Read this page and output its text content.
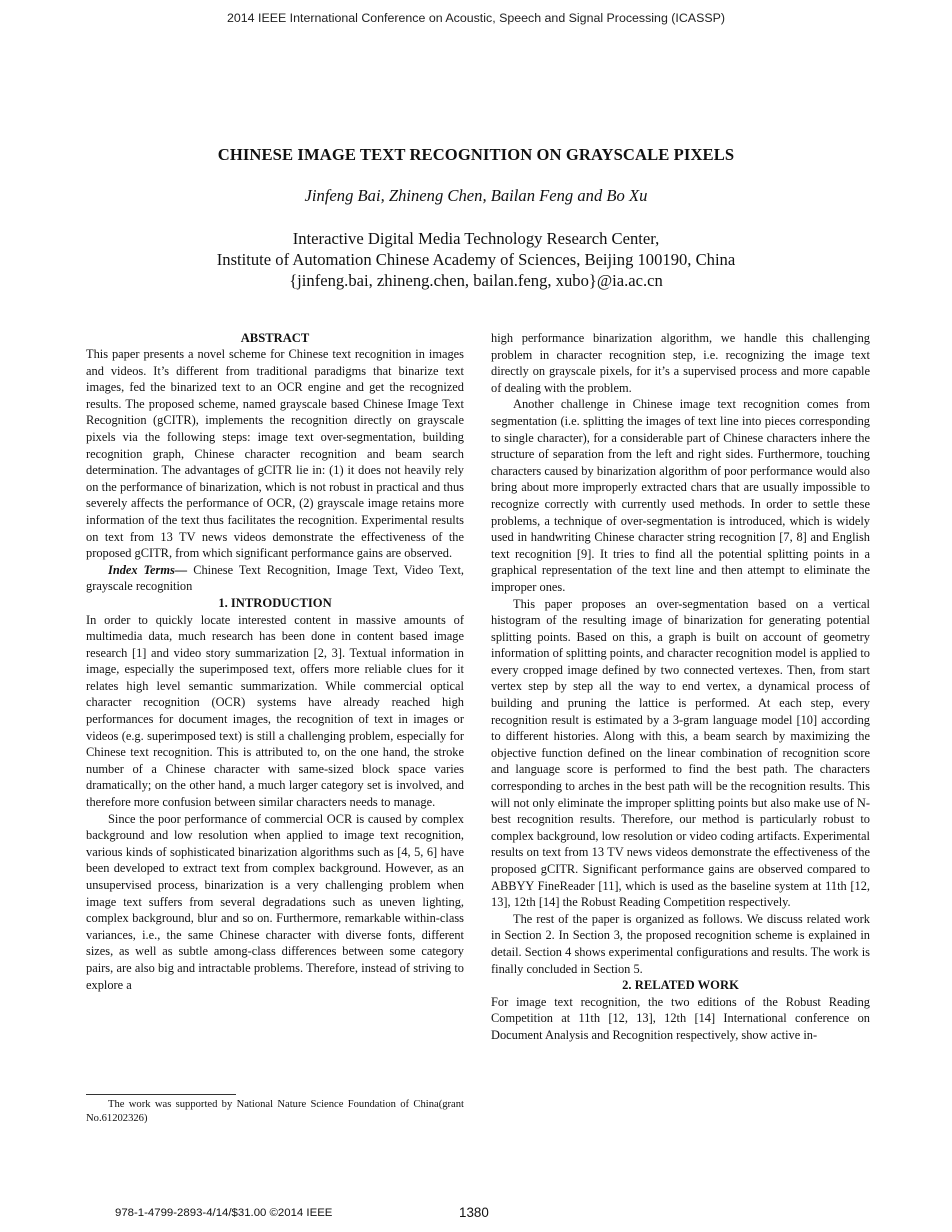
2014 IEEE International Conference on Acoustic, Speech and Signal Processing (ICASSP)
CHINESE IMAGE TEXT RECOGNITION ON GRAYSCALE PIXELS
Jinfeng Bai, Zhineng Chen, Bailan Feng and Bo Xu
Interactive Digital Media Technology Research Center,
Institute of Automation Chinese Academy of Sciences, Beijing 100190, China
{jinfeng.bai, zhineng.chen, bailan.feng, xubo}@ia.ac.cn

ABSTRACT

This paper presents a novel scheme for Chinese text recognition in images and videos. It’s different from traditional paradigms that binarize text images, fed the binarized text to an OCR engine and get the recognized results. The proposed scheme, named grayscale based Chinese Image Text Recognition (gCITR), implements the recognition directly on grayscale pixels via the following steps: image text over-segmentation, building recognition graph, Chinese character recognition and beam search determination. The advantages of gCITR lie in: (1) it does not heavily rely on the performance of binarization, which is not robust in practical and thus severely affects the performance of OCR, (2) grayscale image retains more information of the text thus facilitates the recognition. Experimental results on text from 13 TV news videos demonstrate the effectiveness of the proposed gCITR, from which significant performance gains are observed.

Index Terms— Chinese Text Recognition, Image Text, Video Text, grayscale recognition

1. INTRODUCTION

In order to quickly locate interested content in massive amounts of multimedia data, much research has been done in content based image research [1] and video story summarization [2, 3]. Textual information in image, especially the superimposed text, offers more reliable clues for it relates high level semantic summarization. While commercial optical character recognition (OCR) systems have already reached high performances for document images, the recognition of text in images or videos (e.g. superimposed text) is still a challenging problem, especially for Chinese text recognition. This is attributed to, on the one hand, the stroke number of a Chinese character with same-sized block space varies dramatically; on the other hand, a much larger category set is involved, and therefore more confusion between similar characters needs to manage.

Since the poor performance of commercial OCR is caused by complex background and low resolution when applied to image text recognition, various kinds of sophisticated binarization algorithms such as [4, 5, 6] have been developed to extract text from complex background. However, as an unsupervised process, binarization is a very challenging problem when image text suffers from several degradations such as uneven lighting, complex background, blur and so on. Furthermore, remarkable within-class variances, i.e., the same Chinese character with diverse fonts, different sizes, as well as subtle among-class differences between some category pairs, are also big and intractable problems. Therefore, instead of striving to explore a

The work was supported by National Nature Science Foundation of China(grant No.61202326)

high performance binarization algorithm, we handle this challenging problem in character recognition step, i.e. recognizing the image text directly on grayscale pixels, for it’s a supervised process and more capable of dealing with the problem.

Another challenge in Chinese image text recognition comes from segmentation (i.e. splitting the images of text line into pieces corresponding to single character), for a considerable part of Chinese characters inhere the structure of separation from the left and right sides. Furthermore, touching characters caused by binarization algorithm of poor performance would also bring about more improperly extracted chars that are usually impossible to recognize correctly with currently used methods. In order to settle these problems, a technique of over-segmentation is introduced, which is widely used in handwriting Chinese character string recognition [7, 8] and English text recognition [9]. It tries to find all the potential splitting points in a graphical representation of the text line and then attempt to eliminate the improper ones.

This paper proposes an over-segmentation based on a vertical histogram of the resulting image of binarization for generating potential splitting points. Based on this, a graph is built on account of geometry information of splitting points, and character recognition model is applied to every cropped image defined by two connected vertexes. Then, from start vertex step by step all the way to end vertex, a dynamical process of building and pruning the lattice is performed. At each step, every recognition result is estimated by a 3-gram language model [10] according to different histories. Along with this, a beam search by maximizing the objective function defined on the linear combination of recognition score and language score is performed to find the best path. The characters corresponding to arches in the best path will be the recognition results. This will not only eliminate the improper splitting points but also make use of N-best recognition results. Therefore, our method is particularly robust to complex background, low resolution or video coding artifacts. Experimental results on text from 13 TV news videos demonstrate the effectiveness of the proposed gCITR. Significant performance gains are observed compared to ABBYY FineReader [11], which is used as the baseline system at 11th [12, 13], 12th [14] the Robust Reading Competition respectively.

The rest of the paper is organized as follows. We discuss related work in Section 2. In Section 3, the proposed recognition scheme is explained in detail. Section 4 shows experimental configurations and results. The work is finally concluded in Section 5.

2. RELATED WORK

For image text recognition, the two editions of the Robust Reading Competition at 11th [12, 13], 12th [14] International conference on Document Analysis and Recognition respectively, show active in-

978-1-4799-2893-4/14/$31.00 ©2014 IEEE	1380
